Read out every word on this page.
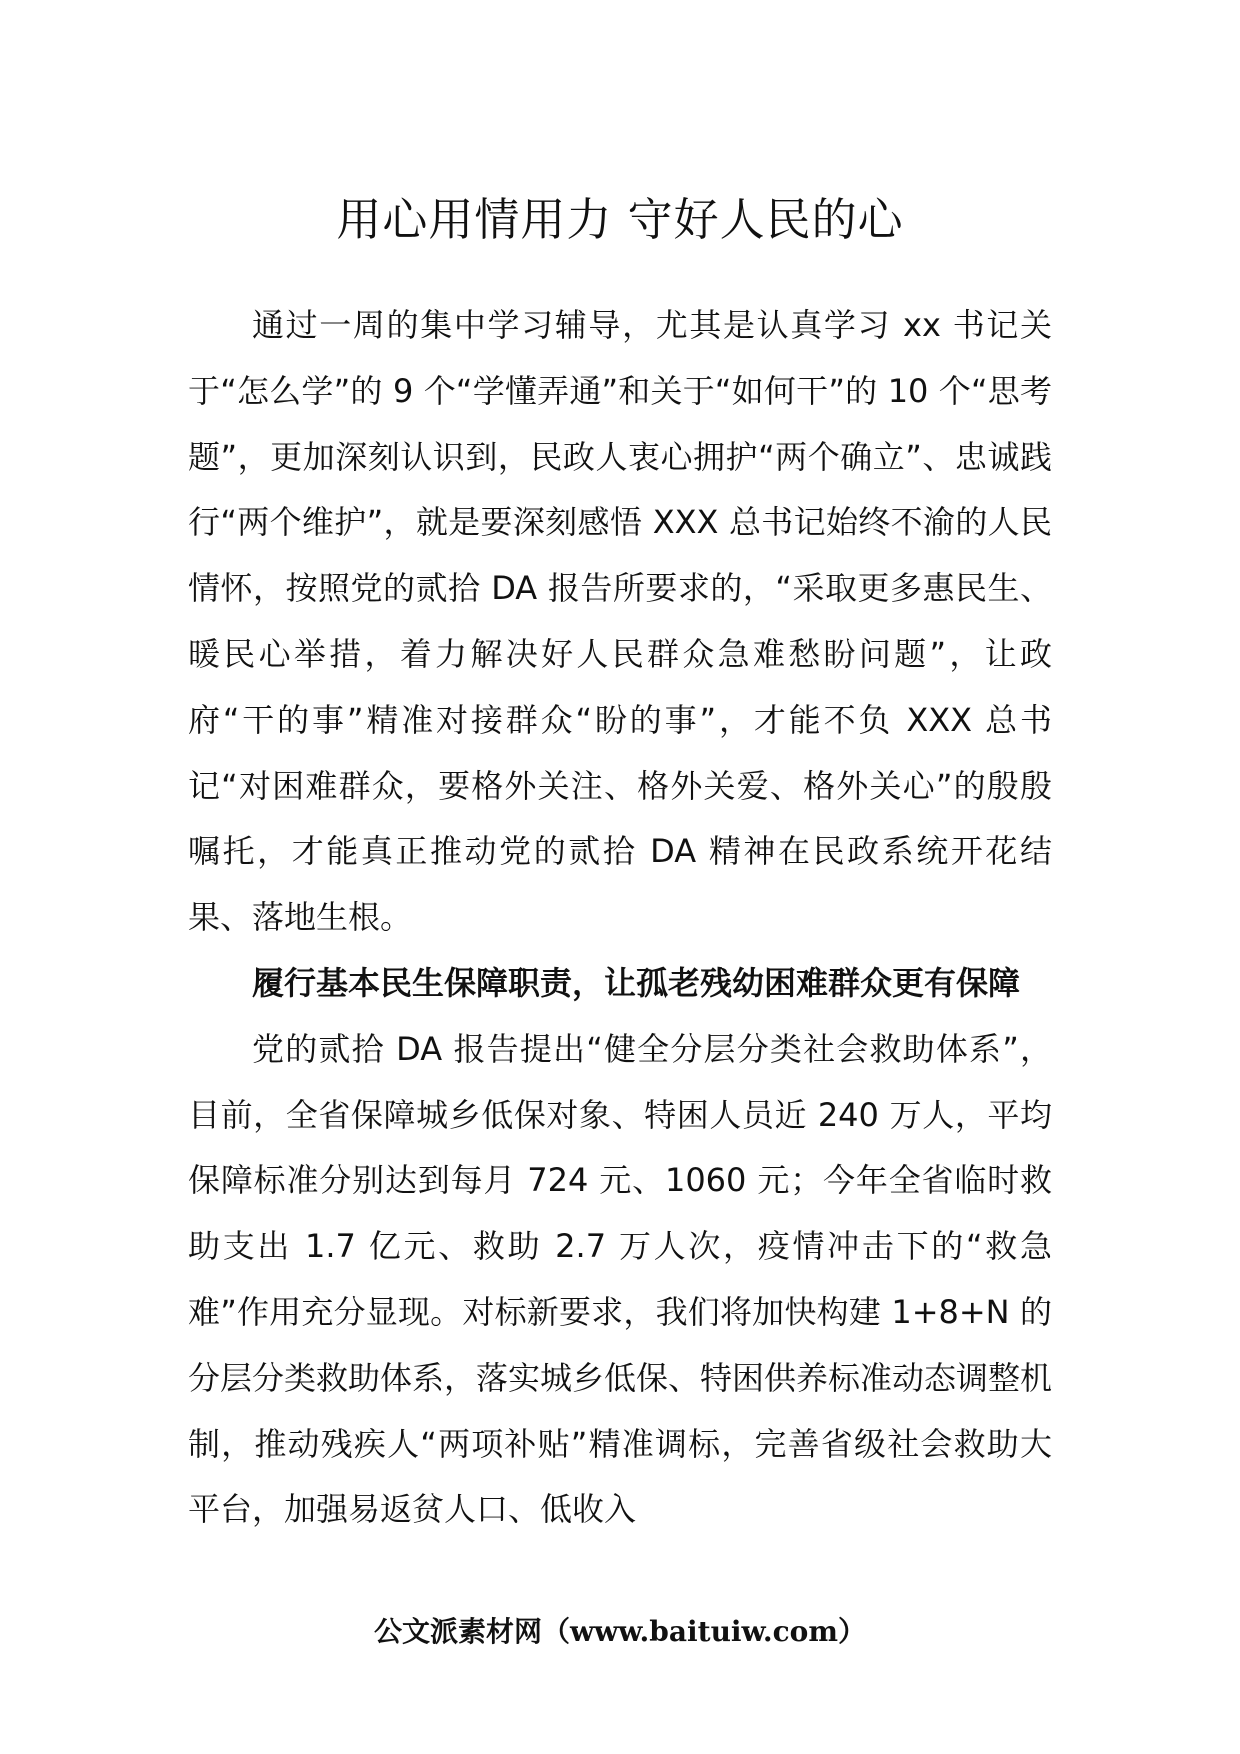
用心用情用力 守好人民的心

通过一周的集中学习辅导，尤其是认真学习 xx 书记关于“怎么学”的 9 个“学懂弄通”和关于“如何干”的 10 个“思考题”，更加深刻认识到，民政人衷心拥护“两个确立”、忠诚践行“两个维护”，就是要深刻感悟 XXX 总书记始终不渝的人民情怀，按照党的贰拾 DA 报告所要求的，“采取更多惠民生、暖民心举措，着力解决好人民群众急难愁盼问题”，让政府“干的事”精准对接群众“盼的事”，才能不负 XXX 总书记“对困难群众，要格外关注、格外关爱、格外关心”的殷殷嘱托，才能真正推动党的贰拾 DA 精神在民政系统开花结果、落地生根。

履行基本民生保障职责，让孤老残幼困难群众更有保障

党的贰拾 DA 报告提出“健全分层分类社会救助体系”，目前，全省保障城乡低保对象、特困人员近 240 万人，平均保障标准分别达到每月 724 元、1060 元；今年全省临时救助支出 1.7 亿元、救助 2.7 万人次，疫情冲击下的“救急难”作用充分显现。对标新要求，我们将加快构建 1+8+N 的分层分类救助体系，落实城乡低保、特困供养标准动态调整机制，推动残疾人“两项补贴”精准调标，完善省级社会救助大平台，加强易返贫人口、低收入

公文派素材网（www.baituiw.com）
